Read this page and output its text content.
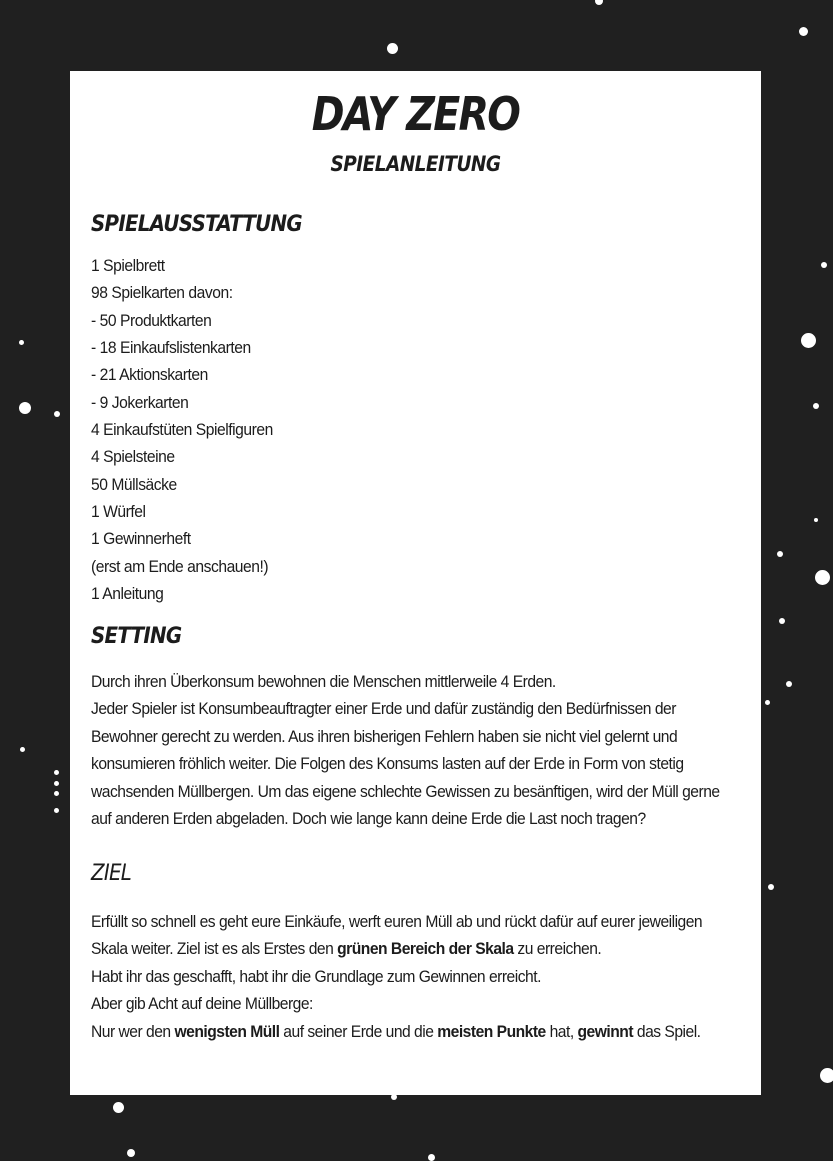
DAY ZERO
SPIELANLEITUNG
SPIELAUSSTATTUNG
1 Spielbrett
98 Spielkarten davon:
- 50 Produktkarten
- 18 Einkaufslistenkarten
- 21 Aktionskarten
- 9 Jokerkarten
4 Einkaufstüten Spielfiguren
4 Spielsteine
50 Müllsäcke
1 Würfel
1 Gewinnerheft
(erst am Ende anschauen!)
1 Anleitung
SETTING

Durch ihren Überkonsum bewohnen die Menschen mittlerweile 4 Erden.
Jeder Spieler ist Konsumbeauftragter einer Erde und dafür zuständig den Bedürfnissen der
Bewohner gerecht zu werden. Aus ihren bisherigen Fehlern haben sie nicht viel gelernt und
konsumieren fröhlich weiter. Die Folgen des Konsums lasten auf der Erde in Form von stetig
wachsenden Müllbergen. Um das eigene schlechte Gewissen zu besänftigen, wird der Müll gerne
auf anderen Erden abgeladen. Doch wie lange kann deine Erde die Last noch tragen?

ZIEL

Erfüllt so schnell es geht eure Einkäufe, werft euren Müll ab und rückt dafür auf eurer jeweiligen
Skala weiter. Ziel ist es als Erstes den grünen Bereich der Skala zu erreichen.
Habt ihr das geschafft, habt ihr die Grundlage zum Gewinnen erreicht.
Aber gib Acht auf deine Müllberge:
Nur wer den wenigsten Müll auf seiner Erde und die meisten Punkte hat, gewinnt das Spiel.
